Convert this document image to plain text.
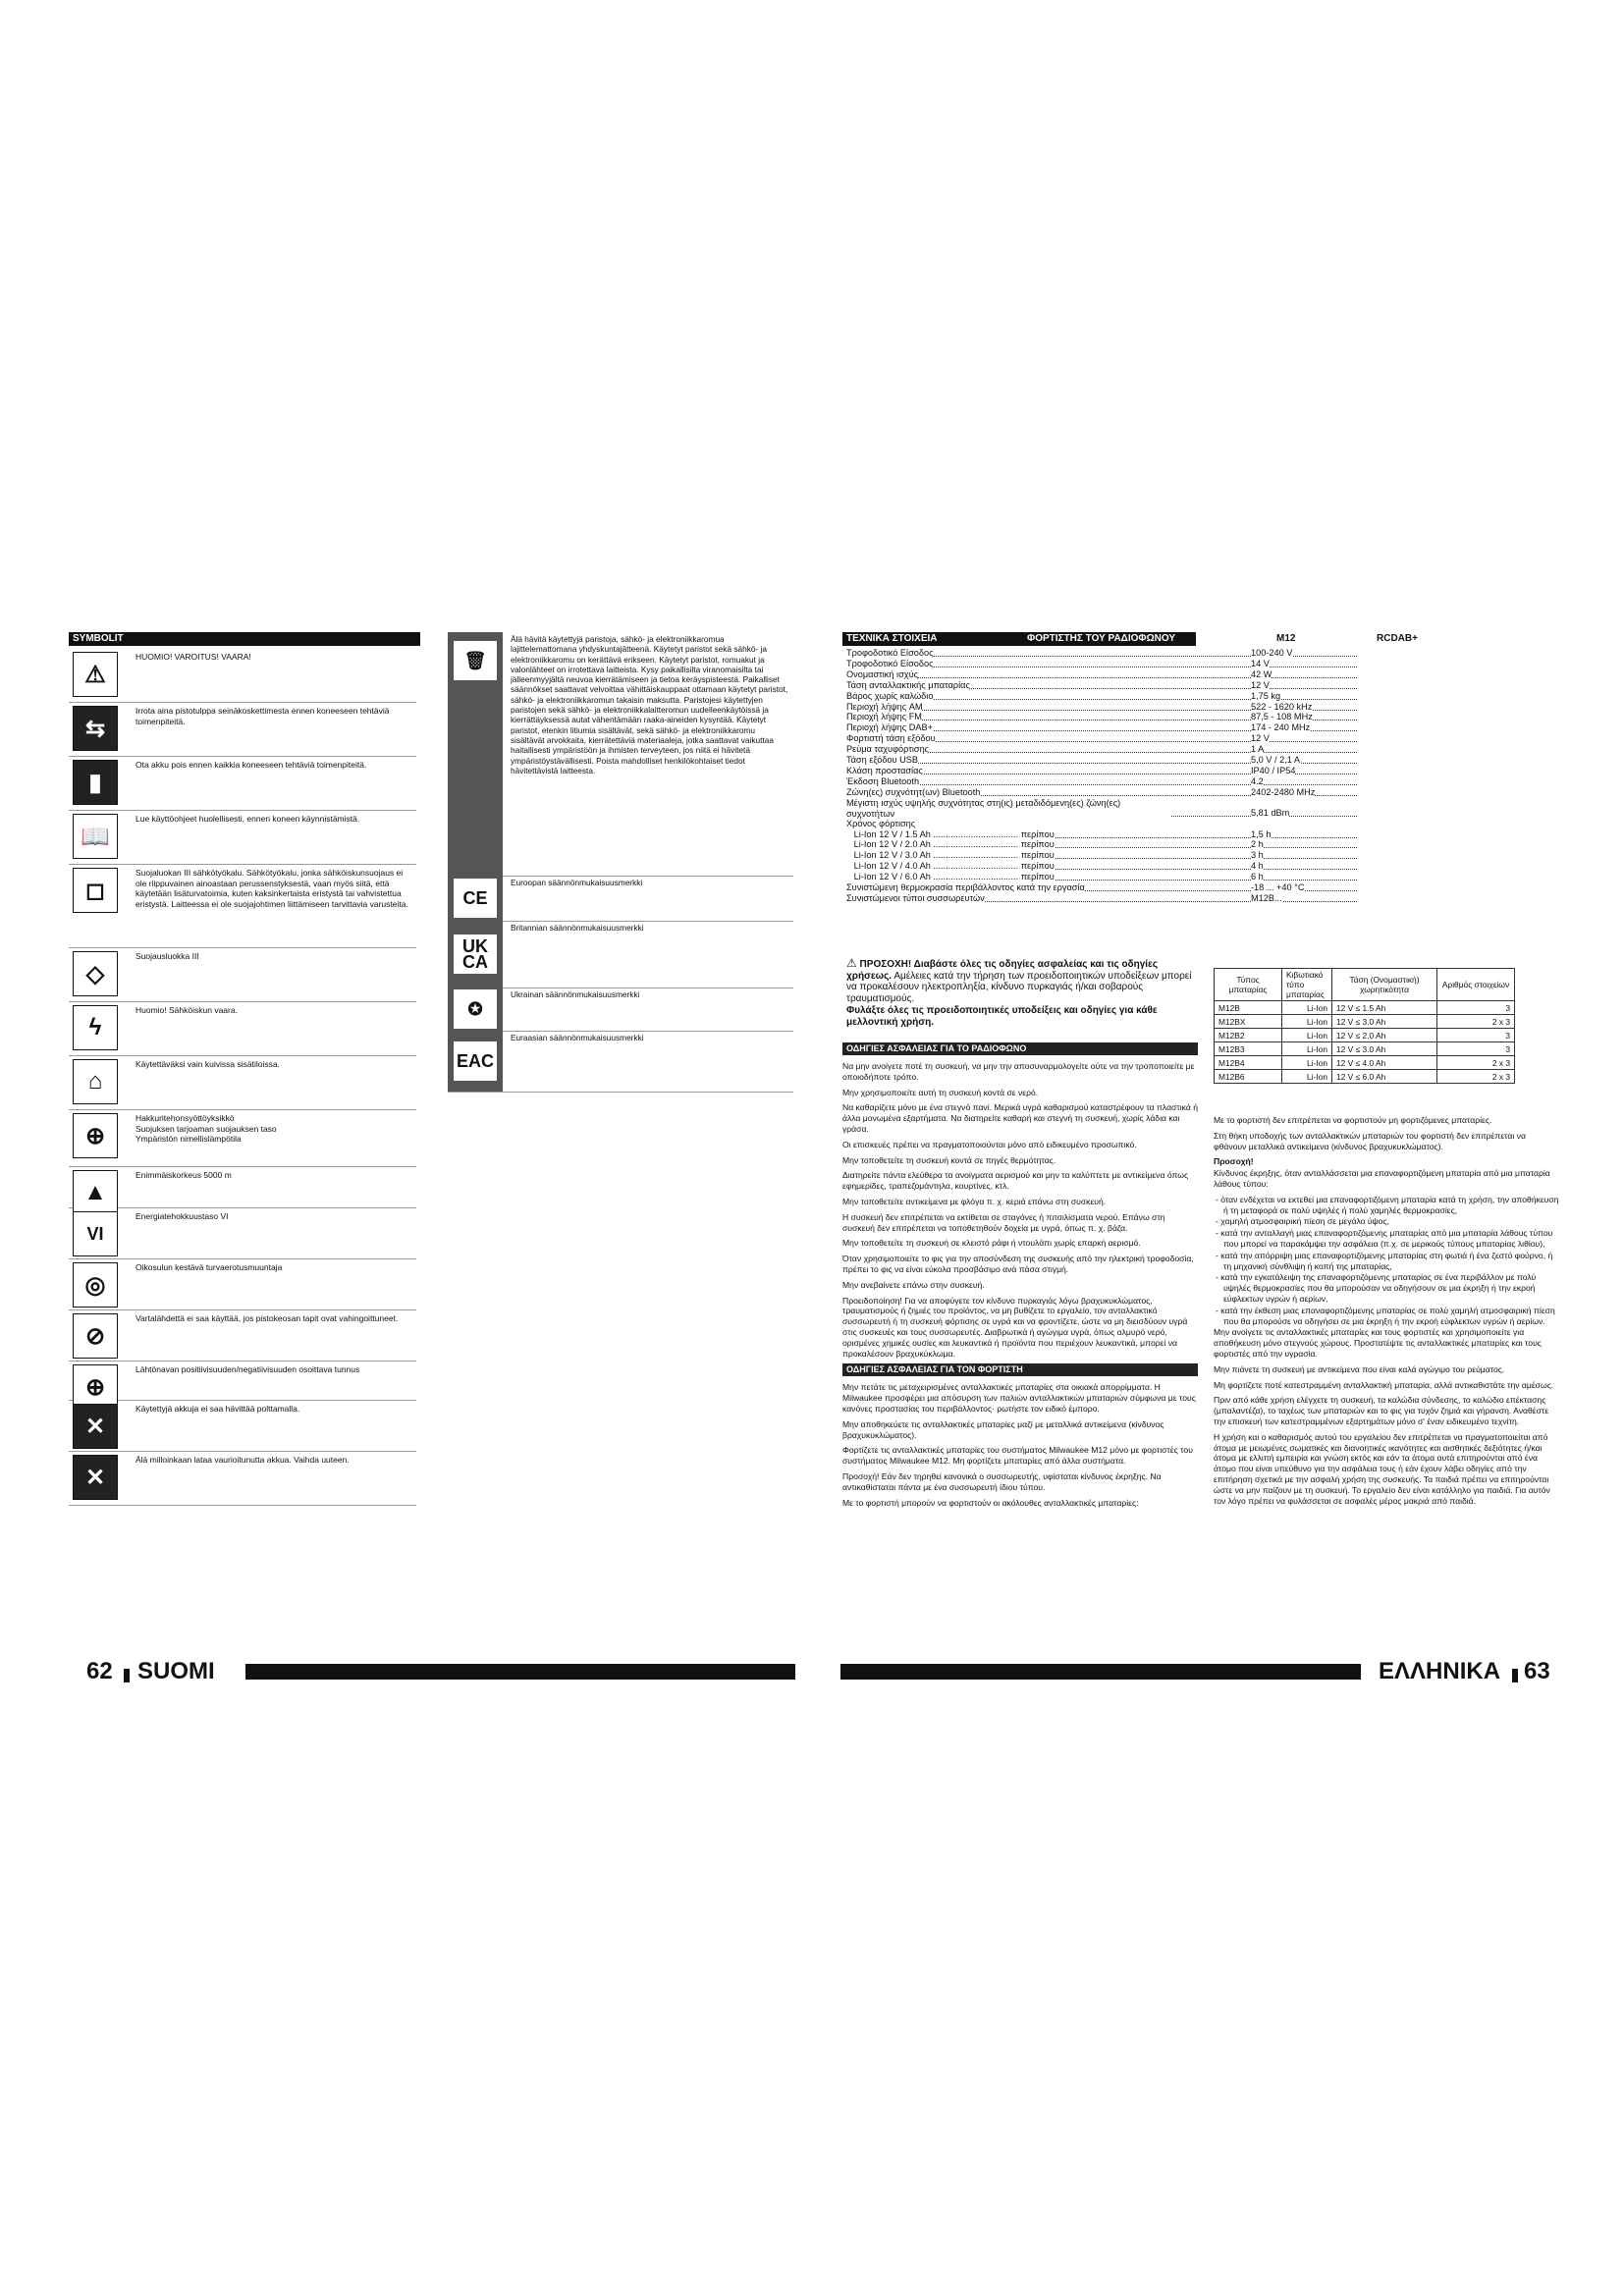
SYMBOLIT
⚠
HUOMIO! VAROITUS! VAARA!
⇆
Irrota aina pistotulppa seinäkoskettimesta ennen koneeseen tehtäviä toimenpiteitä.
▮
Ota akku pois ennen kaikkia koneeseen tehtäviä toimenpiteitä.
📖
Lue käyttöohjeet huolellisesti, ennen koneen käynnistämistä.
◻
Suojaluokan III sähkötyökalu. Sähkötyökalu, jonka sähköiskunsuojaus ei ole riippuvainen ainoastaan perussenstyksestä, vaan myös siitä, että käytetään lisäturvatoimia, kuten kaksinkertaista eristystä tai vahvistettua eristystä. Laitteessa ei ole suojajohtimen liittämiseen tarvittavia varusteita.
◇
Suojausluokka III
ϟ
Huomio! Sähköiskun vaara.
⌂
Käytettäväksi vain kuivissa sisätiloissa.
⊕
Hakkuritehonsyöttöyksikkö
Suojuksen tarjoaman suojauksen taso
Ympäristön nimellislämpötila
▲
Enimmäiskorkeus 5000 m
VI
Energiatehokkuustaso VI
◎
Oikosulun kestävä turvaerotusmuuntaja
⊘
Vartalähdettä ei saa käyttää, jos pistokeosan tapit ovat vahingoittuneet.
⊕
Lähtönavan positiivisuuden/negatiivisuuden osoittava tunnus
✕
Käytettyjä akkuja ei saa hävittää polttamalla.
✕
Älä milloinkaan lataa vaurioitunutta akkua. Vaihda uuteen.
🗑
Älä hävitä käytettyjä paristoja, sähkö- ja elektroniikkaromua lajittelemattomana yhdyskuntajätteenä. Käytetyt paristot sekä sähkö- ja elektroniikkaromu on kerättävä erikseen. Käytetyt paristot, romuakut ja valonlähteet on irrotettava laitteista. Kysy paikallisilta viranomaisilta tai jälleenmyyjältä neuvoa kierrätämiseen ja tietoa keräyspisteestä. Paikalliset säännökset saattavat velvoittaa vähittäiskauppaat ottamaan käytetyt paristot, sähkö- ja elektroniikkaromun takaisin maksutta. Paristojesi käytettyjen paristojen sekä sähkö- ja elektroniikkalaitteromun uudelleenkäytöissä ja kierrättäyksessä autat vähentämään raaka-aineiden kysyntää. Käytetyt paristot, etenkin litiumia sisältävät, sekä sähkö- ja elektroniikkaromu sisältävät arvokkaita, kierrätettäviä materiaaleja, jotka saattavat vaikuttaa haitallisesti ympäristöön ja ihmisten terveyteen, jos niitä ei hävitetä ympäristöystävällisesti. Poista mahdolliset henkilökohtaiset tiedot hävitettävistä laitteesta.
CE
Euroopan säännönmukaisuusmerkki
UK CA
Britannian säännönmukaisuusmerkki
✪
Ukrainan säännönmukaisuusmerkki
EAC
Euraasian säännönmukaisuusmerkki
62 SUOMI
ΤΕΧΝΙΚΑ ΣΤΟΙΧΕΙΑ	ΦΟΡΤΙΣΤΗΣ ΤΟΥ ΡΑΔΙΟΦΩΝΟΥ	M12	RCDAB+
Τροφοδοτικό Είσοδος	100-240 V
Τροφοδοτικό Είσοδος	14 V
Ονομαστική ισχύς	42 W
Τάση ανταλλακτικής μπαταρίας	12 V
Βάρος χωρίς καλώδιο	1,75 kg
Περιοχή λήψης AM	522 - 1620 kHz
Περιοχή λήψης FM	87,5 - 108 MHz
Περιοχή λήψης DAB+	174 - 240 MHz
Φορτιστή τάση εξόδου	12 V
Ρεύμα ταχυφόρτισης	1 A
Τάση εξόδου USB	5,0 V / 2,1 A
Κλάση προστασίας	IP40 / IP54
Έκδοση Bluetooth	4.2
Ζώνη(ες) συχνότητ(ων) Bluetooth	2402-2480 MHz
Μέγιστη ισχύς υψηλής συχνότητας στη(ις) μεταδιδόμενη(ες) ζώνη(ες) συχνοτήτων	5,81 dBm
Χρόνος φόρτισης
Li-Ion 12 V / 1.5 Ah .................................. περίπου	1,5 h
Li-Ion 12 V / 2.0 Ah .................................. περίπου	2 h
Li-Ion 12 V / 3.0 Ah .................................. περίπου	3 h
Li-Ion 12 V / 4.0 Ah .................................. περίπου	4 h
Li-Ion 12 V / 6.0 Ah .................................. περίπου	6 h
Συνιστώμενη θερμοκρασία περιβάλλοντος κατά την εργασία	-18 ... +40 °C
Συνιστώμενοι τύποι συσσωρευτών	M12B...
⚠ ΠΡΟΣΟΧΗ! Διαβάστε όλες τις οδηγίες ασφαλείας και τις οδηγίες χρήσεως. Αμέλειες κατά την τήρηση των προειδοποιητικών υποδείξεων μπορεί να προκαλέσουν ηλεκτροπληξία, κίνδυνο πυρκαγιάς ή/και σοβαρούς τραυματισμούς.
Φυλάξτε όλες τις προειδοποιητικές υποδείξεις και οδηγίες για κάθε μελλοντική χρήση.
ΟΔΗΓΙΕΣ ΑΣΦΑΛΕΙΑΣ ΓΙΑ ΤΟ ΡΑΔΙΟΦΩΝΟ

Να μην ανοίγετε ποτέ τη συσκευή, να μην την αποσυναρμολογείτε ούτε να την τροποποιείτε με οποιοδήποτε τρόπο.

Μην χρησιμοποιείτε αυτή τη συσκευή κοντά σε νερό.

Να καθαρίζετε μόνο με ένα στεγνό πανί. Μερικά υγρά καθαρισμού καταστρέφουν τα πλαστικά ή άλλα μονωμένα εξαρτήματα. Να διατηρείτε καθαρή και στεγνή τη συσκευή, χωρίς λάδια και γράσα.

Οι επισκευές πρέπει να πραγματοποιούνται μόνο από ειδικευμένο προσωπικό.

Μην τοποθετείτε τη συσκευή κοντά σε πηγές θερμότητας.

Διατηρείτε πάντα ελεύθερα τα ανοίγματα αερισμού και μην τα καλύπτετε με αντικείμενα όπως εφημερίδες, τραπεζομάντηλα, κουρτίνες, κτλ.

Μην τοποθετείτε αντικείμενα με φλόγα π. χ. κεριά επάνω στη συσκευή.

Η συσκευή δεν επιτρέπεται να εκτίθεται σε σταγόνες ή πιτσιλίσματα νερού. Επάνω στη συσκευή δεν επιτρέπεται να τοποθετηθούν δοχεία με υγρά, όπως π. χ. βάζα.

Μην τοποθετείτε τη συσκευή σε κλειστό ράφι ή ντουλάπι χωρίς επαρκή αερισμό.

Όταν χρησιμοποιείτε το φις για την αποσύνδεση της συσκευής από την ηλεκτρική τροφοδοσία, πρέπει το φις να είναι εύκολα προσβάσιμο ανά πάσα στιγμή.

Μην ανεβαίνετε επάνω στην συσκευή.

Προειδοποίηση! Για να αποφύγετε τον κίνδυνο πυρκαγιάς λόγω βραχυκυκλώματος, τραυματισμούς ή ζημιές του προϊόντος, να μη βυθίζετε το εργαλείο, τον ανταλλακτικό συσσωρευτή ή τη συσκευή φόρτισης σε υγρά και να φροντίζετε, ώστε να μη διεισδύουν υγρά στις συσκευές και τους συσσωρευτές. Διαβρωτικά ή αγώγιμα υγρά, όπως αλμυρό νερό, ορισμένες χημικές ουσίες και λευκαντικά ή προϊόντα που περιέχουν λευκαντικά, μπορεί να προκαλέσουν βραχυκύκλωμα.

ΟΔΗΓΙΕΣ ΑΣΦΑΛΕΙΑΣ ΓΙΑ ΤΟΝ ΦΟΡΤΙΣΤΗ

Μην πετάτε τις μεταχειρισμένες ανταλλακτικές μπαταρίες στα οικιακά απορρίμματα. Η Milwaukee προσφέρει μια απόσυρση των παλιών ανταλλακτικών μπαταριών σύμφωνα με τους κανόνες προστασίας του περιβάλλοντος· ρωτήστε τον ειδικό έμπορο.

Μην αποθηκεύετε τις ανταλλακτικές μπαταρίες μαζί με μεταλλικά αντικείμενα (κίνδυνος βραχυκυκλώματος).

Φορτίζετε τις ανταλλακτικές μπαταρίες του συστήματος Milwaukee M12 μόνο με φορτιστές του συστήματος Milwaukee M12. Μη φορτίζετε μπαταρίες από άλλα συστήματα.

Προσοχή! Εάν δεν τηρηθεί κανονικά ο συσσωρευτής, υφίσταται κίνδυνος έκρηξης. Να αντικαθίσταται πάντα με ένα συσσωρευτή ίδιου τύπου.

Με το φορτιστή μπορούν να φορτιστούν οι ακόλουθες ανταλλακτικές μπαταρίες:

Τύπος μπαταρίας	Κιβωτιακό τύπο μπαταρίας	Τάση (Ονομαστική) χωρητικότητα	Αριθμός στοιχείων
M12B	Li-Ion	12 V ≤ 1.5 Ah	3
M12BX	Li-Ion	12 V ≤ 3.0 Ah	2 x 3
M12B2	Li-Ion	12 V ≤ 2.0 Ah	3
M12B3	Li-Ion	12 V ≤ 3.0 Ah	3
M12B4	Li-Ion	12 V ≤ 4.0 Ah	2 x 3
M12B6	Li-Ion	12 V ≤ 6.0 Ah	2 x 3

Με το φορτιστή δεν επιτρέπεται να φορτιστούν μη φορτιζόμενες μπαταρίες.

Στη θήκη υποδοχής των ανταλλακτικών μπαταριών του φορτιστή δεν επιτρέπεται να φθάνουν μεταλλικά αντικείμενα (κίνδυνος βραχυκυκλώματος).

Προσοχή!

Κίνδυνος έκρηξης, όταν ανταλλάσσεται μια επαναφορτιζόμενη μπαταρία από μια μπαταρία λάθους τύπου:

- όταν ενδέχεται να εκτεθεί μια επαναφορτιζόμενη μπαταρία κατά τη χρήση, την αποθήκευση ή τη μεταφορά σε πολύ υψηλές ή πολύ χαμηλές θερμοκρασίες,

- χαμηλή ατμοσφαιρική πίεση σε μεγάλο ύψος,

- κατά την ανταλλαγή μιας επαναφορτιζόμενης μπαταρίας από μια μπαταρία λάθους τύπου που μπορεί να παρακάμψει την ασφάλεια (π.χ. σε μερικούς τύπους μπαταρίας λιθίου),

- κατά την απόρριψη μιας επαναφορτιζόμενης μπαταρίας στη φωτιά ή ένα ζεστό φούρνο, ή τη μηχανική σύνθλιψη ή κοπή της μπαταρίας,

- κατά την εγκατάλειψη της επαναφορτιζόμενης μπαταρίας σε ένα περιβάλλον με πολύ υψηλές θερμοκρασίες που θα μπορούσαν να οδηγήσουν σε μια έκρηξη ή την εκροή εύφλεκτων υγρών ή αερίων,

- κατά την έκθεση μιας επαναφορτιζόμενης μπαταρίας σε πολύ χαμηλή ατμοσφαιρική πίεση που θα μπορούσε να οδηγήσει σε μια έκρηξη ή την εκροή εύφλεκτων υγρών ή αερίων.

Μην ανοίγετε τις ανταλλακτικές μπαταρίες και τους φορτιστές και χρησιμοποιείτε για αποθήκευση μόνο στεγνούς χώρους. Προστατέψτε τις ανταλλακτικές μπαταρίες και τους φορτιστές από την υγρασία.

Μην πιάνετε τη συσκευή με αντικείμενα που είναι καλά αγώγιμο του ρεύματος.

Μη φορτίζετε ποτέ κατεστραμμένη ανταλλακτική μπαταρία, αλλά αντικαθιστάτε την αμέσως.

Πριν από κάθε χρήση ελέγχετε τη συσκευή, τα καλώδια σύνδεσης, το καλώδιο επέκτασης (μπαλαντέζα), το ταχέως των μπαταριών και το φις για τυχόν ζημιά και γήρανση. Αναθέστε την επισκευή των κατεστραμμένων εξαρτημάτων μόνο σ' έναν ειδικευμένο τεχνίτη.

Η χρήση και ο καθαρισμός αυτού του εργαλείου δεν επιτρέπεται να πραγματοποιείται από άτομα με μειωμένες σωματικές και διανοητικές ικανότητες και αισθητικές δεξιότητες ή/και άτομα με ελλιπή εμπειρία και γνώση εκτός και εάν τα άτομα αυτά επιτηρούνται από ένα άτομο που είναι υπεύθυνο για την ασφάλεια τους ή εάν έχουν λάβει οδηγίες από την επιτήρηση σχετικά με την ασφαλή χρήση της συσκευής. Τα παιδιά πρέπει να επιτηρούνται ώστε να μην παίζουν με τη συσκευή. Το εργαλείο δεν είναι κατάλληλο για παιδιά. Για αυτόν τον λόγο πρέπει να φυλάσσεται σε ασφαλές μέρος μακριά από παιδιά.

ΕΛΛΗΝΙΚΑ 63
